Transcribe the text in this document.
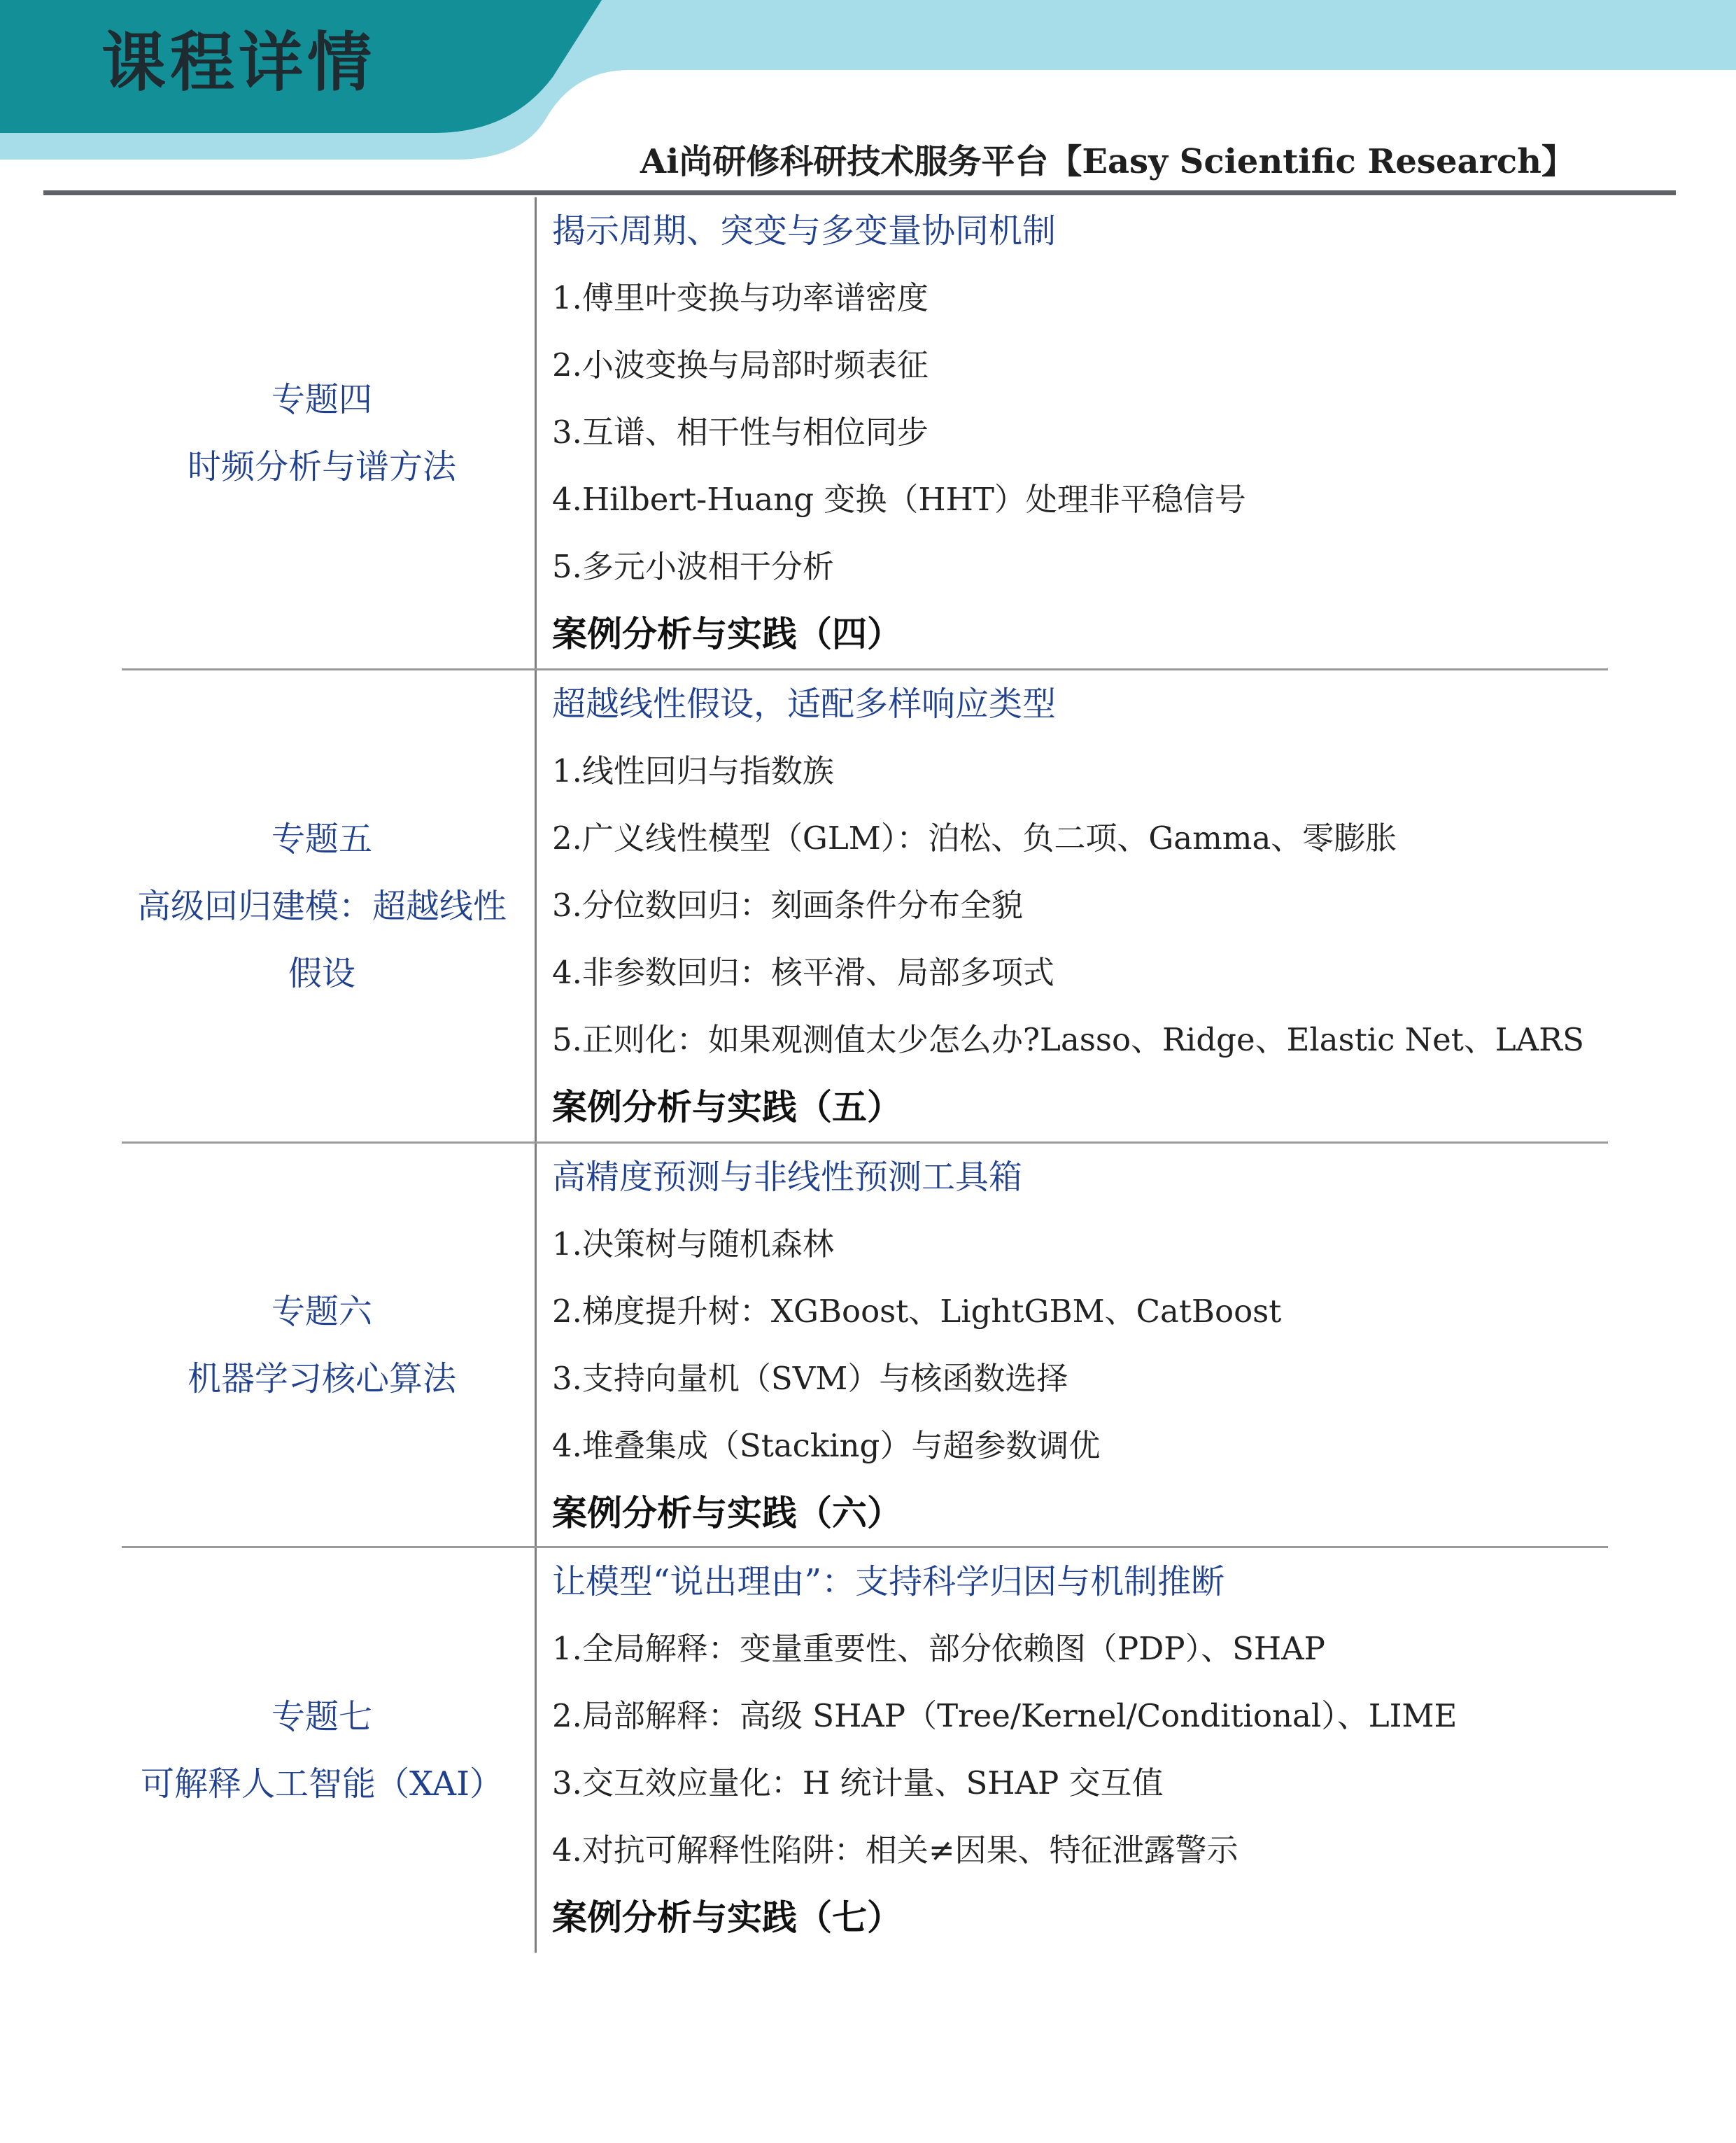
课程详情
Ai尚研修科研技术服务平台【Easy Scientific Research】
专题四
时频分析与谱方法
揭示周期、突变与多变量协同机制
1.傅里叶变换与功率谱密度
2.小波变换与局部时频表征
3.互谱、相干性与相位同步
4.Hilbert-Huang 变换（HHT）处理非平稳信号
5.多元小波相干分析
案例分析与实践（四）
专题五
高级回归建模：超越线性假设
超越线性假设，适配多样响应类型
1.线性回归与指数族
2.广义线性模型（GLM）：泊松、负二项、Gamma、零膨胀
3.分位数回归：刻画条件分布全貌
4.非参数回归：核平滑、局部多项式
5.正则化：如果观测值太少怎么办?Lasso、Ridge、Elastic Net、LARS
案例分析与实践（五）
专题六
机器学习核心算法
高精度预测与非线性预测工具箱
1.决策树与随机森林
2.梯度提升树：XGBoost、LightGBM、CatBoost
3.支持向量机（SVM）与核函数选择
4.堆叠集成（Stacking）与超参数调优
案例分析与实践（六）
专题七
可解释人工智能（XAI）
让模型“说出理由”：支持科学归因与机制推断
1.全局解释：变量重要性、部分依赖图（PDP）、SHAP
2.局部解释：高级 SHAP（Tree/Kernel/Conditional）、LIME
3.交互效应量化：H 统计量、SHAP 交互值
4.对抗可解释性陷阱：相关≠因果、特征泄露警示
案例分析与实践（七）
